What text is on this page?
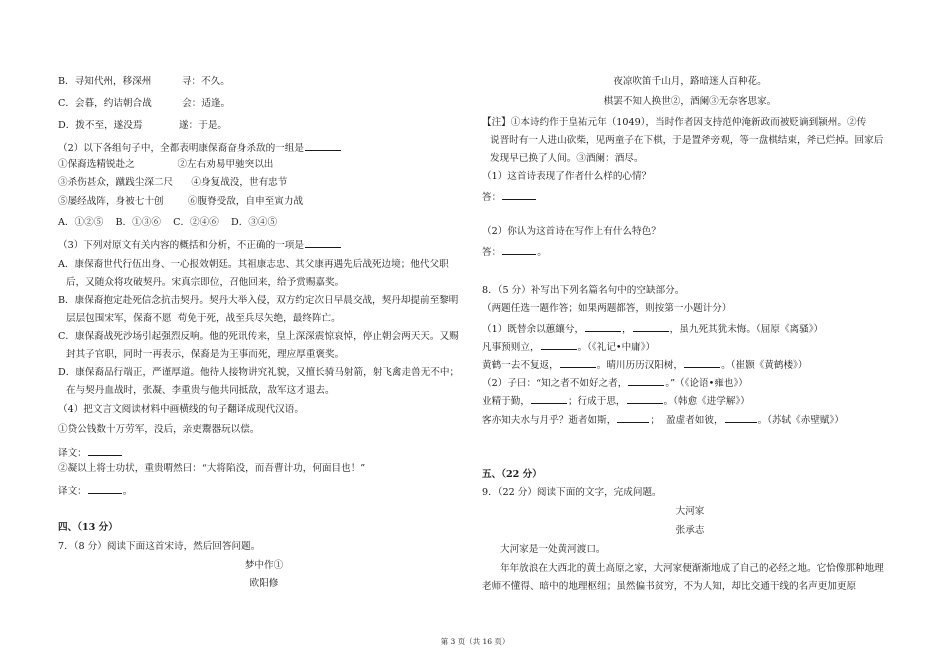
B．寻知代州，移深州          寻：不久。
C．会暮，约诘朝合战          会：适逢。
D．拨不至，遂没焉            遂：于是。
（2）以下各组句子中，全都表明康保裔奋身杀敌的一组是
①保裔选精锐赴之              ②左右劝易甲驰突以出
③杀伤甚众，蹴践尘深二尺      ④身复战没，世有忠节
⑤屡经战阵，身被七十创        ⑥腹脊受敌，自申至寅力战
A．①②⑤    B．①③⑥    C．②④⑥    D．③④⑤
（3）下列对原文有关内容的概括和分析，不正确的一项是
A．康保裔世代行伍出身、一心报效朝廷。其祖康志忠、其父康再遇先后战死边境；他代父职
后，又随众将攻破契丹。宋真宗即位，召他回来，给予赏赐嘉奖。
B．康保裔抱定赴死信念抗击契丹。契丹大举入侵，双方约定次日早晨交战，契丹却提前至黎明
层层包围宋军，保裔不愿  苟免于死，战至兵尽矢绝，最终阵亡。
C．康保裔战死沙场引起强烈反响。他的死讯传来，皇上深深震惊哀悼，停止朝会两天天。又赐
封其子官职，同时一再表示，保裔是为王事而死，理应厚重褒奖。
D．康保裔品行端正，严谨厚道。他待人接物讲究礼貌，又擅长骑马射箭，射飞禽走兽无不中；
在与契丹血战时，张凝、李重贵与他共同抵敌，敌军这才退去。
（4）把文言文阅读材料中画横线的句子翻译成现代汉语。
①贷公钱数十万劳军，没后，亲吏鬻器玩以偿。
译文：
②凝以上将士功状，重贵喟然曰：“大将陷没，而吾曹计功，何面目也！”
译文：	。
四、（13 分）
7．（8 分）阅读下面这首宋诗，然后回答问题。
梦中作①
欧阳修
夜凉吹笛千山月，路暗迷人百种花。
棋罢不知人换世②，酒阑③无奈客思家。
【注】①本诗约作于皇祐元年（1049），当时作者因支持范仲淹新政而被贬谪到颍州。②传
说晋时有一人进山砍柴，见两童子在下棋，于是置斧旁观，等一盘棋结束，斧已烂掉。回家后
发现早已换了人间。③酒阑：酒尽。
（1）这首诗表现了作者什么样的心情？
答：
（2）你认为这首诗在写作上有什么特色？
答：	。
8．（5 分）补写出下列名篇名句中的空缺部分。
（两题任选一题作答；如果两题都答，则按第一小题计分）
（1）既替余以蕙纕兮，	，	，虽九死其犹未悔。（屈原《离骚》）
凡事预则立，	。（《礼记•中庸》）
黄鹤一去不复返，	。晴川历历汉阳树，	。（崔颢《黄鹤楼》）
（2）子曰：“知之者不如好之者，	。”（《论语•雍也》）
业精于勤，	；行成于思，	。（韩愈《进学解》）
客亦知夫水与月乎？逝者如斯，	；  盈虚者如彼，	。（苏轼《赤壁赋》）
五、（22 分）
9．（22 分）阅读下面的文字，完成问题。
大河家
张承志
大河家是一处黄河渡口。
年年放浪在大西北的黄土高原之家，大河家便渐渐地成了自己的必经之地。它恰像那种地理
老师不懂得、暗中的地理枢纽；虽然偏书贫穷，不为人知，却比交通干线的名声更加更原
第 3 页（共 16 页）
